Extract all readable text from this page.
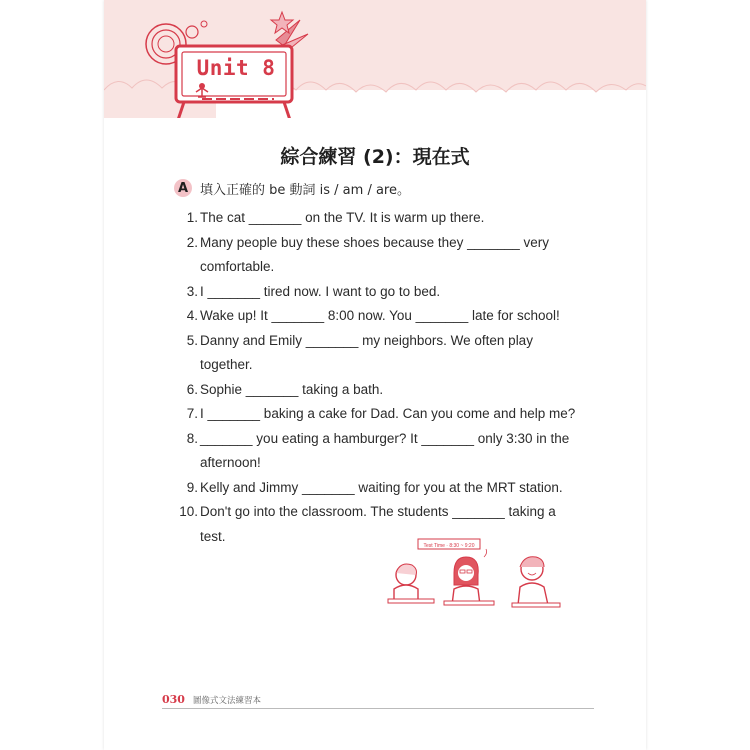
Unit 8
綜合練習 (2)：現在式
A 填入正確的 be 動詞 is / am / are。
1. The cat _______ on the TV. It is warm up there.
2. Many people buy these shoes because they _______ very
comfortable.
3. I _______ tired now. I want to go to bed.
4. Wake up! It _______ 8:00 now. You _______ late for school!
5. Danny and Emily _______ my neighbors. We often play
together.
6. Sophie _______ taking a bath.
7. I _______ baking a cake for Dad. Can you come and help me?
8. _______ you eating a hamburger? It _______ only 3:30 in the
afternoon!
9. Kelly and Jimmy _______ waiting for you at the MRT station.
10. Don't go into the classroom. The students _______ taking a
test.
Test Time · 8:30 ~ 9:20
030 圖像式文法練習本
